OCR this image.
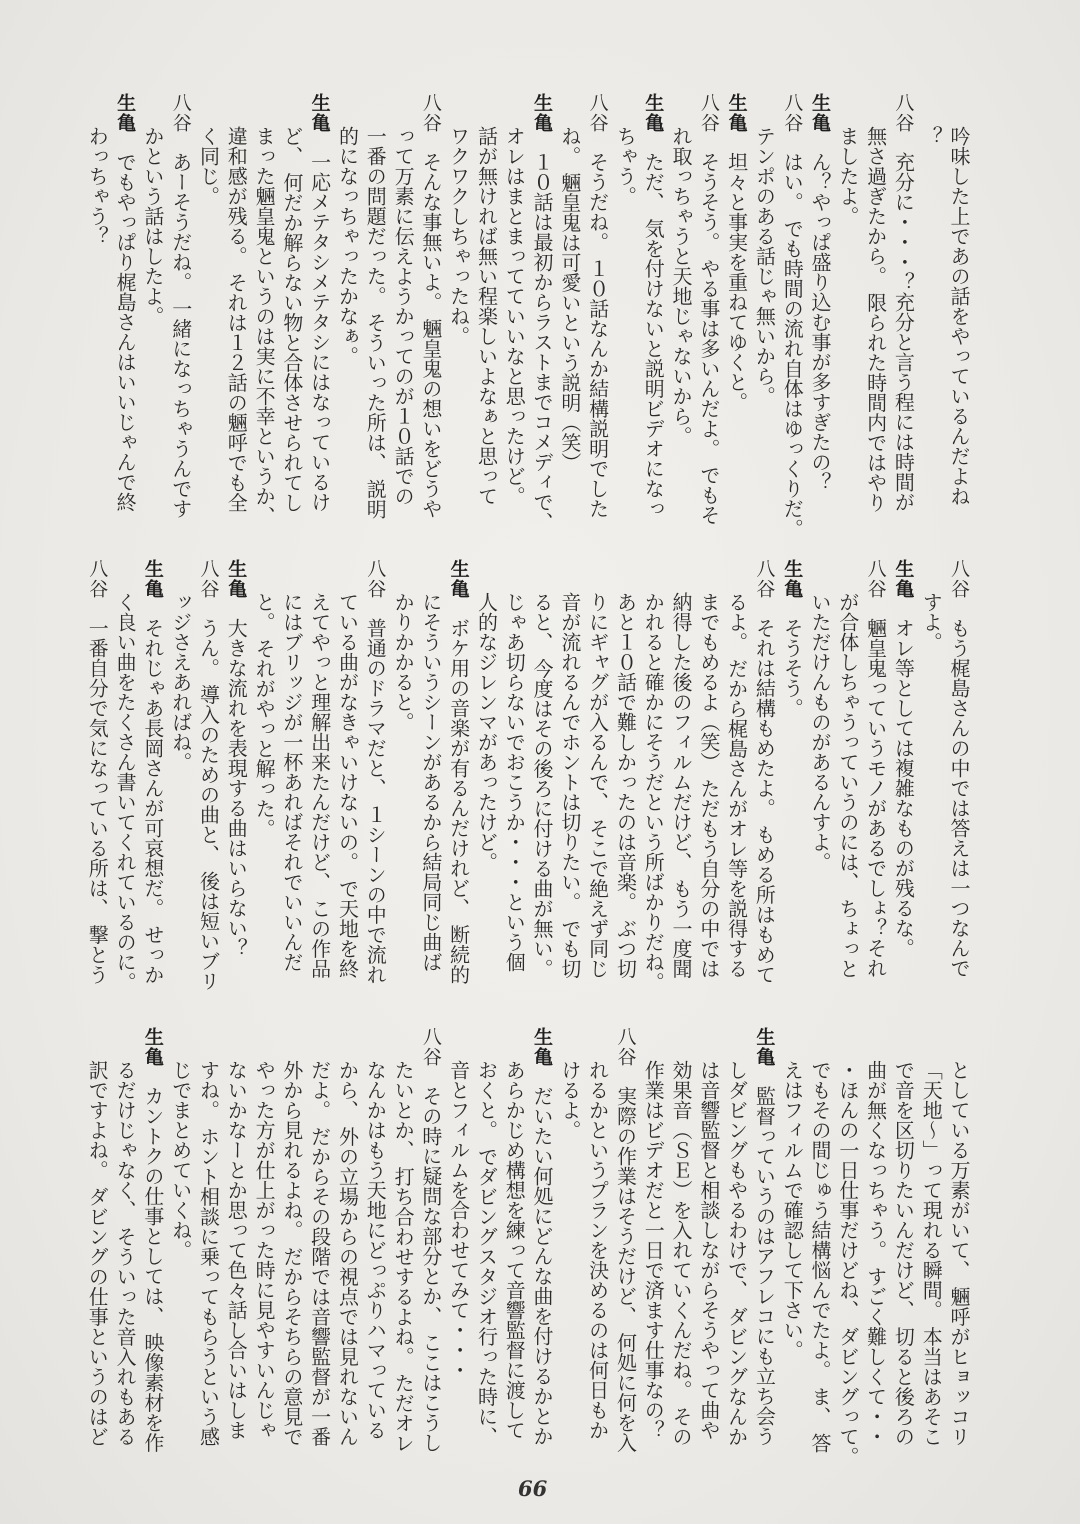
吟味した上であの話をやっているんだよね
？
八谷
充分に・・・？充分と言う程には時間が
無さ過ぎたから。 限られた時間内ではやり
ましたよ。
生亀
ん？やっぱ盛り込む事が多すぎたの？
八谷
はい。 でも時間の流れ自体はゆっくりだ。
テンポのある話じゃ無いから。
生亀
坦々と事実を重ねてゆくと。
八谷
そうそう。 やる事は多いんだよ。 でもそ
れ取っちゃうと天地じゃないから。
生亀
ただ、 気を付けないと説明ビデオになっ
ちゃう。
八谷
そうだね。 １０話なんか結構説明でした
ね。 魎皇鬼は可愛いという説明（笑）
生亀
１０話は最初からラストまでコメディで、
オレはまとまってていいなと思ったけど。
話が無ければ無い程楽しいよなぁと思って
ワクワクしちゃったね。
八谷
そんな事無いよ。 魎皇鬼の想いをどうや
って万素に伝えようかってのが１０話での
一番の問題だった。 そういった所は、 説明
的になっちゃったかなぁ。
生亀
一応メテタシメテタシにはなっているけ
ど、 何だか解らない物と合体させられてし
まった魎皇鬼というのは実に不幸というか、
違和感が残る。 それは１２話の魎呼でも全
く同じ。
八谷
あーそうだね。 一緒になっちゃうんです
かという話はしたよ。
生亀
でもやっぱり梶島さんはいいじゃんで終
わっちゃう？
八谷
もう梶島さんの中では答えは一つなんで
すよ。
生亀
オレ等としては複雑なものが残るな。
八谷
魎皇鬼っていうモノがあるでしょ？それ
が合体しちゃうっていうのには、 ちょっと
いただけんものがあるんすよ。
生亀
そうそう。
八谷
それは結構もめたよ。 もめる所はもめて
るよ。 だから梶島さんがオレ等を説得する
までもめるよ（笑） ただもう自分の中では
納得した後のフィルムだけど、 もう一度聞
かれると確かにそうだという所ばかりだね。
あと１０話で難しかったのは音楽。 ぶつ切
りにギャグが入るんで、 そこで絶えず同じ
音が流れるんでホントは切りたい。 でも切
ると、 今度はその後ろに付ける曲が無い。
じゃあ切らないでおこうか・・・という個
人的なジレンマがあったけど。
生亀
ボケ用の音楽が有るんだけれど、 断続的
にそういうシーンがあるから結局同じ曲ば
かりかかると。
八谷
普通のドラマだと、 １シーンの中で流れ
ている曲がなきゃいけないの。 で天地を終
えてやっと理解出来たんだけど、 この作品
にはブリッジが一杯あればそれでいいんだ
と。 それがやっと解った。
生亀
大きな流れを表現する曲はいらない？
八谷
うん。 導入のための曲と、 後は短いブリ
ッジさえあればね。
生亀
それじゃあ長岡さんが可哀想だ。 せっか
く良い曲をたくさん書いてくれているのに。
八谷
一番自分で気になっている所は、 撃とう
としている万素がいて、 魎呼がヒョッコリ
「天地〜」って現れる瞬間。 本当はあそこ
で音を区切りたいんだけど、 切ると後ろの
曲が無くなっちゃう。 すごく難しくて・・
・ほんの一日仕事だけどね、 ダビングって。
でもその間じゅう結構悩んでたよ。 ま、 答
えはフィルムで確認して下さい。
生亀
監督っていうのはアフレコにも立ち会う
しダビングもやるわけで、 ダビングなんか
は音響監督と相談しながらそうやって曲や
効果音（ＳＥ）を入れていくんだね。 その
作業はビデオだと一日で済ます仕事なの？
八谷
実際の作業はそうだけど、 何処に何を入
れるかというプランを決めるのは何日もか
けるよ。
生亀
だいたい何処にどんな曲を付けるかとか
あらかじめ構想を練って音響監督に渡して
おくと。 でダビングスタジオ行った時に、
音とフィルムを合わせてみて・・・
八谷
その時に疑問な部分とか、 ここはこうし
たいとか、 打ち合わせするよね。 ただオレ
なんかはもう天地にどっぷりハマっている
から、 外の立場からの視点では見れないん
だよ。 だからその段階では音響監督が一番
外から見れるよね。 だからそちらの意見で
やった方が仕上がった時に見やすいんじゃ
ないかなーとか思って色々話し合いはしま
すね。 ホント相談に乗ってもらうという感
じでまとめていくね。
生亀
カントクの仕事としては、 映像素材を作
るだけじゃなく、 そういった音入れもある
訳ですよね。 ダビングの仕事というのはど
66
